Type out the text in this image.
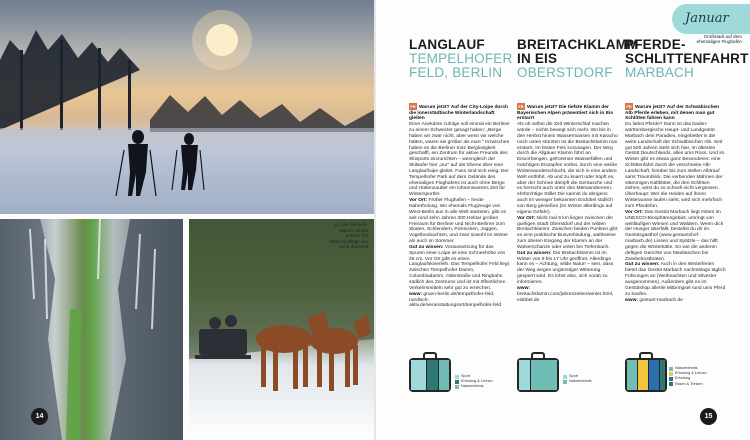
Großstadt auf dem ehemaligen Flughafen
(L) Die Breitachklamm, im Eis erstarrt (R) Winterausflüge wie anno dazumal
14	15
Januar
LANGLAUF
TEMPELHOFER
FELD, BERLIN
FR Warum jetzt? Auf der City-Loipe durch die innerstädtische Winterlandschaft gleiten
Einer Anekdote zufolge soll einmal ein Berliner zu einem Schweizer gesagt haben: „Berge haben wir zwar nicht, aber wenn wir welche hätten, wären sie größer als eure.“ Inzwischen haben es die Berliner trotz Berglosigkeit geschafft, ein Zentrum für aktive Freunde des Skisports einzurichten – wenngleich der Skiläufer hier „nur“ auf der Ebene über eine Langlaufloipe gleitet. Fans sind sich einig: Der Tempelhofer Park auf dem Gelände des ehemaligen Flughafens ist auch ohne Berge und Hüttenzauber ein lohnenswertes Ziel für Wintersportler.
Vor Ort: Früher Flughafen – heute Naherholung. Wo ehemals Flugzeuge von West-Berlin aus in alle Welt starteten, gibt es seit rund zehn Jahren 300 Hektar großen Freiraum für Berliner und Nicht-Berliner zum Skaten, Schlendern, Picknicken, Joggen, Vogelbeobachten, und zwar sowohl im Winter als auch im Sommer.
Gut zu wissen: Voraussetzung für das Spuren einer Loipe ist eine Schneehöhe von 25 cm. Vor Ort gibt es einen Langlaufskiverleih. Das Tempelhofer Feld liegt zwischen Tempelhofer Damm, Columbiadamm, Oderstraße und Ringbahn südlich des Zentrums und ist mit öffentlichen Verkehrsmitteln sehr gut zu erreichen.
www: gruen-berlin.de/tempelhofer-feld, nordisch-aktiv.de/veranstaltungsort/tempelhofer-feld
BREITACHKLAMM
IN EIS
OBERSTDORF
FR Warum jetzt? Die tiefste Klamm der Bayerischen Alpen präsentiert sich in Eis erstarrt
Als ob selbst die Zeit Winterschlaf machen würde – nichts bewegt sich mehr. Wo bis in den Herbst hinein Wassermassen mit Karacho noch unten stürzten ist die Breitachklamm nun erstarrt. Im festen Fels sozusagen. Der Weg durch die Allgäuer Klamm führt an Eisvorhängen, gefrorenen Wasserfällen und mächtigen Eiszapfen vorbei, durch eine weiße Winterwunderschlucht, die sich in eine andere Welt entführt. Ab und zu knarrt oder tropft es, aber der Schnee dämpft die Geräusche und es herrscht auch unter den Märwandereren, ehrfürchtige Stille! Die kannst du übrigens auch im weniger bekannten Endobel südlich von Berg genießen (im Winter allerdings auf eigene Gefahr).
Vor Ort: Nicht mal 9 km liegen zwischen der quirligen Stadt Oberstdorf und der wilden Breitachklamm. Zwischen beiden Punkten gibt es eine praktische Busverbindung, wahlweise zum oberen Eingang der Klamm an der Walserschanze oder unten bei Tiefenbach.
Gut zu wissen: Die Breitachklamm ist im Winter von 9 bis 17 Uhr geöffnet. Allerdings kann es – Achtung, wilde Natur! – sein, dass der Weg wegen ungünstiger Witterung gesperrt wird. Es lohnt also, sich vorab zu informieren.
www: breitachklamm.com/jahreszeiten/winter.html, eisbbel.de
PFERDE-
SCHLITTENFAHRT
MARBACH
FR Warum jetzt? Auf der Schwäbischen Alb Pferde erleben, mit denen man gut Schlitten fahren kann
Du liebst Pferde? Dann ist das baden-württembergische Haupt- und Landgestüt Marbach dein Paradies, eingebettet in die weite Landschaft der Schwäbischen Alb. Seit gut 500 Jahren steht sich hier, im ältesten Gestüt Deutschlands, alles ums Ross. Und im Winter gibt es etwas ganz Besonderes: eine Schlittenfahrt durch die verschneite Alb-Landschaft, hinüber bis zum stellen Albtrauf samt Traumblick. Die verbenden Mähnen der stämmigen Kaltblüter, die den Schlitten ziehen, wirst du so schnell nicht vergessen. Überhaupt: Wer die Heiden auf ihrem Winterausse laufen sieht, wird sich mehrfach zum Pferdefan.
Vor Ort: Das Gestüt Marbach liegt mitten im UNESCO-Biosphärengebiet, umringt von weitläufigen Wiesen und Wäldern. Wenn dich der Hunger überfällt, bestellst du dir im Gestütsgasthof (www.gestuetshof-marbach.de) Linsen und Spätzle – das hilft gegen die Winterkälte. So wie die anderen deftigen Gerichte von Maultaschen bis Zwiebelrostbraten.
Gut zu wissen: Auch in den Winterferien bietet das Gestüt Marbach nachmittags täglich Führungen an (Weihnachten und Silvester ausgenommen). Außerdem gibt es im Gestütshop allerlei Mitbringsel rund ums Pferd zu kaufen.
www: gestuet-marbach.de
Sport
Erholung & Lernen
Naturerlebnis
Sport
Naturerlebnis
Naturerlebnis
Erholung & Lernen
Erholung
Essen & Trinken
